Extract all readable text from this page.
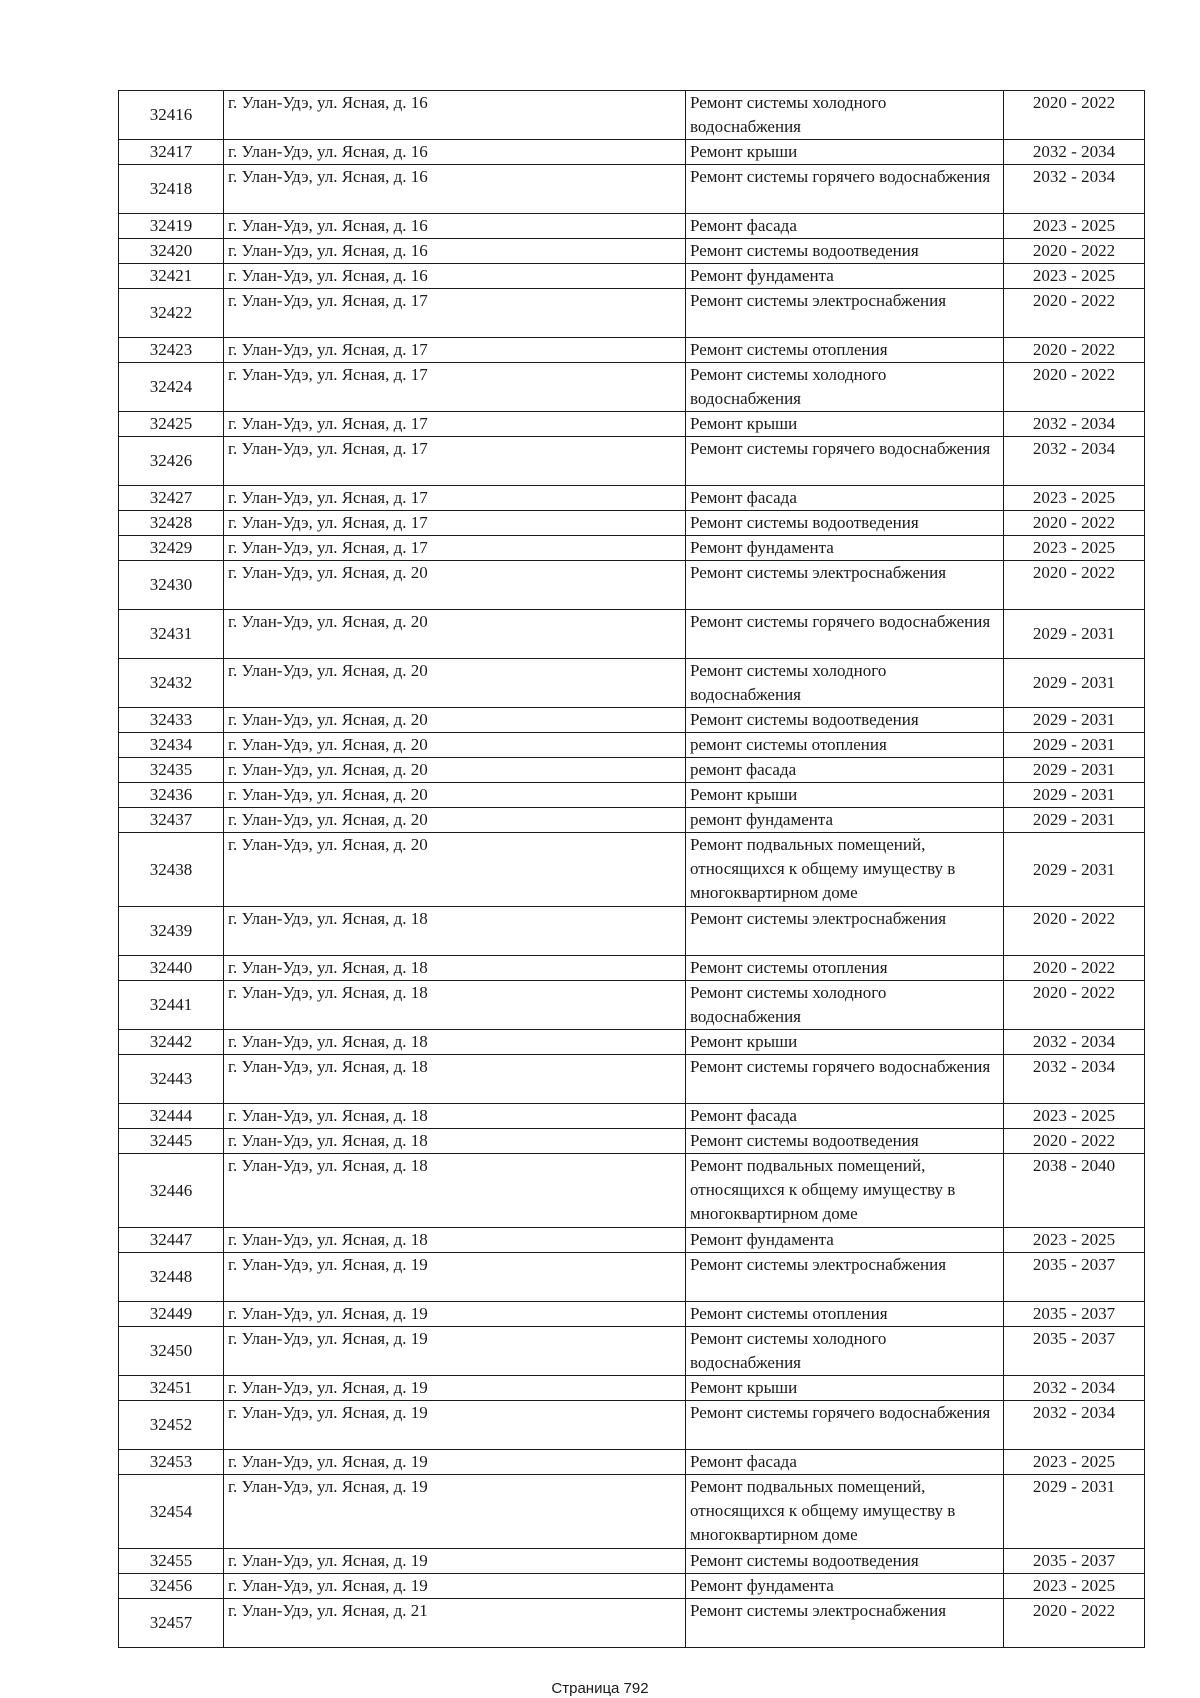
32416	г. Улан-Удэ, ул. Ясная, д. 16	Ремонт системы холодного водоснабжения	2020 - 2022
32417	г. Улан-Удэ, ул. Ясная, д. 16	Ремонт крыши	2032 - 2034
32418	г. Улан-Удэ, ул. Ясная, д. 16	Ремонт системы горячего водоснабжения	2032 - 2034
32419	г. Улан-Удэ, ул. Ясная, д. 16	Ремонт фасада	2023 - 2025
32420	г. Улан-Удэ, ул. Ясная, д. 16	Ремонт системы водоотведения	2020 - 2022
32421	г. Улан-Удэ, ул. Ясная, д. 16	Ремонт фундамента	2023 - 2025
32422	г. Улан-Удэ, ул. Ясная, д. 17	Ремонт системы электроснабжения	2020 - 2022
32423	г. Улан-Удэ, ул. Ясная, д. 17	Ремонт системы отопления	2020 - 2022
32424	г. Улан-Удэ, ул. Ясная, д. 17	Ремонт системы холодного водоснабжения	2020 - 2022
32425	г. Улан-Удэ, ул. Ясная, д. 17	Ремонт крыши	2032 - 2034
32426	г. Улан-Удэ, ул. Ясная, д. 17	Ремонт системы горячего водоснабжения	2032 - 2034
32427	г. Улан-Удэ, ул. Ясная, д. 17	Ремонт фасада	2023 - 2025
32428	г. Улан-Удэ, ул. Ясная, д. 17	Ремонт системы водоотведения	2020 - 2022
32429	г. Улан-Удэ, ул. Ясная, д. 17	Ремонт фундамента	2023 - 2025
32430	г. Улан-Удэ, ул. Ясная, д. 20	Ремонт системы электроснабжения	2020 - 2022
32431	г. Улан-Удэ, ул. Ясная, д. 20	Ремонт системы горячего водоснабжения	2029 - 2031
32432	г. Улан-Удэ, ул. Ясная, д. 20	Ремонт системы холодного водоснабжения	2029 - 2031
32433	г. Улан-Удэ, ул. Ясная, д. 20	Ремонт системы водоотведения	2029 - 2031
32434	г. Улан-Удэ, ул. Ясная, д. 20	ремонт системы отопления	2029 - 2031
32435	г. Улан-Удэ, ул. Ясная, д. 20	ремонт фасада	2029 - 2031
32436	г. Улан-Удэ, ул. Ясная, д. 20	Ремонт крыши	2029 - 2031
32437	г. Улан-Удэ, ул. Ясная, д. 20	ремонт фундамента	2029 - 2031
32438	г. Улан-Удэ, ул. Ясная, д. 20	Ремонт подвальных помещений, относящихся к общему имуществу в многоквартирном доме	2029 - 2031
32439	г. Улан-Удэ, ул. Ясная, д. 18	Ремонт системы электроснабжения	2020 - 2022
32440	г. Улан-Удэ, ул. Ясная, д. 18	Ремонт системы отопления	2020 - 2022
32441	г. Улан-Удэ, ул. Ясная, д. 18	Ремонт системы холодного водоснабжения	2020 - 2022
32442	г. Улан-Удэ, ул. Ясная, д. 18	Ремонт крыши	2032 - 2034
32443	г. Улан-Удэ, ул. Ясная, д. 18	Ремонт системы горячего водоснабжения	2032 - 2034
32444	г. Улан-Удэ, ул. Ясная, д. 18	Ремонт фасада	2023 - 2025
32445	г. Улан-Удэ, ул. Ясная, д. 18	Ремонт системы водоотведения	2020 - 2022
32446	г. Улан-Удэ, ул. Ясная, д. 18	Ремонт подвальных помещений, относящихся к общему имуществу в многоквартирном доме	2038 - 2040
32447	г. Улан-Удэ, ул. Ясная, д. 18	Ремонт фундамента	2023 - 2025
32448	г. Улан-Удэ, ул. Ясная, д. 19	Ремонт системы электроснабжения	2035 - 2037
32449	г. Улан-Удэ, ул. Ясная, д. 19	Ремонт системы отопления	2035 - 2037
32450	г. Улан-Удэ, ул. Ясная, д. 19	Ремонт системы холодного водоснабжения	2035 - 2037
32451	г. Улан-Удэ, ул. Ясная, д. 19	Ремонт крыши	2032 - 2034
32452	г. Улан-Удэ, ул. Ясная, д. 19	Ремонт системы горячего водоснабжения	2032 - 2034
32453	г. Улан-Удэ, ул. Ясная, д. 19	Ремонт фасада	2023 - 2025
32454	г. Улан-Удэ, ул. Ясная, д. 19	Ремонт подвальных помещений, относящихся к общему имуществу в многоквартирном доме	2029 - 2031
32455	г. Улан-Удэ, ул. Ясная, д. 19	Ремонт системы водоотведения	2035 - 2037
32456	г. Улан-Удэ, ул. Ясная, д. 19	Ремонт фундамента	2023 - 2025
32457	г. Улан-Удэ, ул. Ясная, д. 21	Ремонт системы электроснабжения	2020 - 2022
Страница 792
